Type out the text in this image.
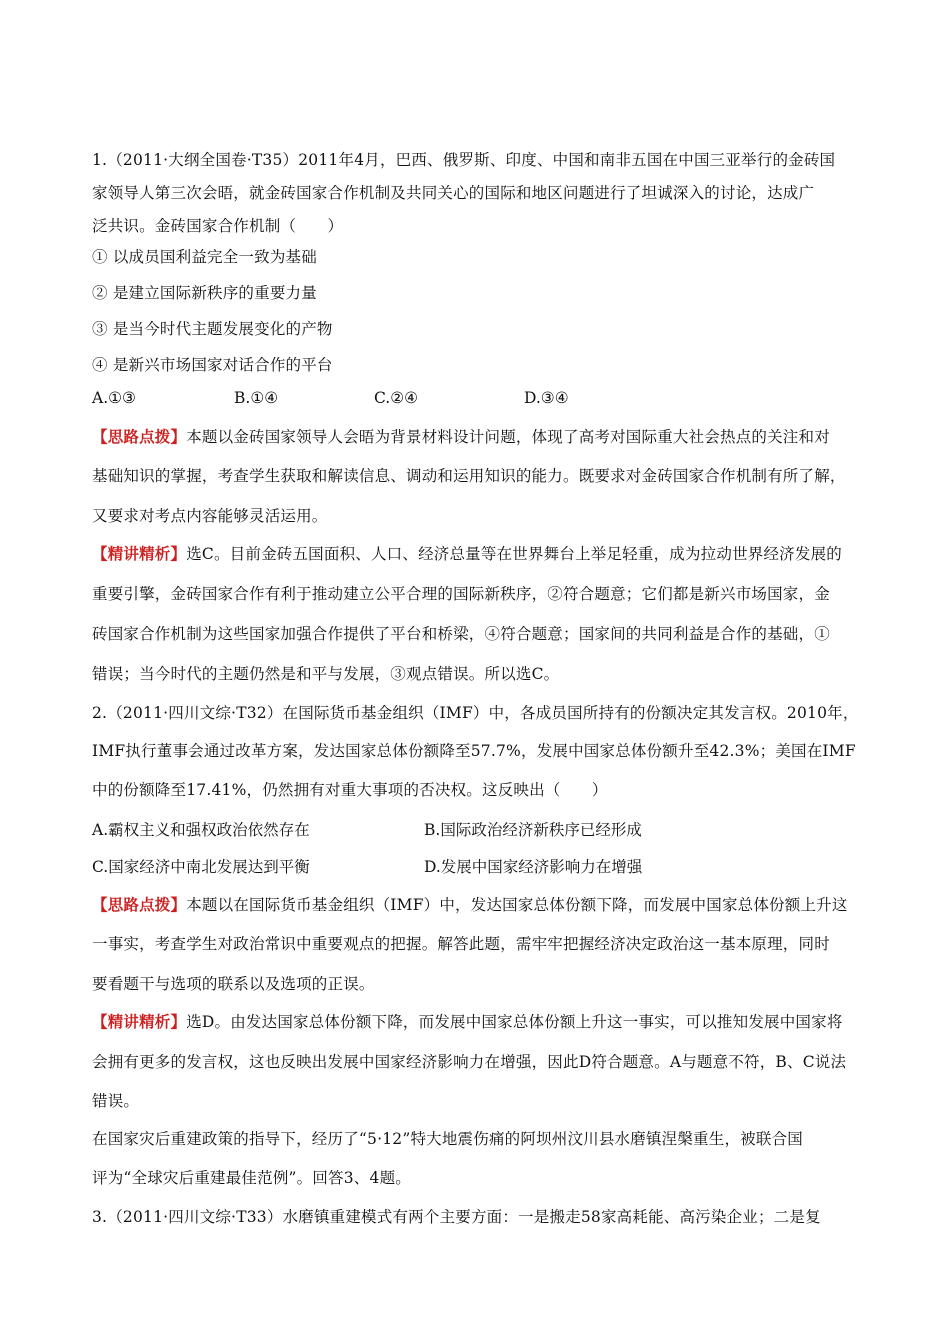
1.（2011·大纲全国卷·T35）2011年4月，巴西、俄罗斯、印度、中国和南非五国在中国三亚举行的金砖国
家领导人第三次会晤，就金砖国家合作机制及共同关心的国际和地区问题进行了坦诚深入的讨论，达成广
泛共识。金砖国家合作机制（　　）
① 以成员国利益完全一致为基础
② 是建立国际新秩序的重要力量
③ 是当今时代主题发展变化的产物
④ 是新兴市场国家对话合作的平台
A.①③	B.①④	C.②④	D.③④
【思路点拨】本题以金砖国家领导人会晤为背景材料设计问题，体现了高考对国际重大社会热点的关注和对
基础知识的掌握，考查学生获取和解读信息、调动和运用知识的能力。既要求对金砖国家合作机制有所了解，
又要求对考点内容能够灵活运用。
【精讲精析】选C。目前金砖五国面积、人口、经济总量等在世界舞台上举足轻重，成为拉动世界经济发展的
重要引擎，金砖国家合作有利于推动建立公平合理的国际新秩序，②符合题意；它们都是新兴市场国家，金
砖国家合作机制为这些国家加强合作提供了平台和桥梁，④符合题意；国家间的共同利益是合作的基础，①
错误；当今时代的主题仍然是和平与发展，③观点错误。所以选C。
2.（2011·四川文综·T32）在国际货币基金组织（IMF）中，各成员国所持有的份额决定其发言权。2010年，
IMF执行董事会通过改革方案，发达国家总体份额降至57.7%，发展中国家总体份额升至42.3%；美国在IMF
中的份额降至17.41%，仍然拥有对重大事项的否决权。这反映出（　　）
A.霸权主义和强权政治依然存在	B.国际政治经济新秩序已经形成
C.国家经济中南北发展达到平衡	D.发展中国家经济影响力在增强
【思路点拨】本题以在国际货币基金组织（IMF）中，发达国家总体份额下降，而发展中国家总体份额上升这
一事实，考查学生对政治常识中重要观点的把握。解答此题，需牢牢把握经济决定政治这一基本原理，同时
要看题干与选项的联系以及选项的正误。
【精讲精析】选D。由发达国家总体份额下降，而发展中国家总体份额上升这一事实，可以推知发展中国家将
会拥有更多的发言权，这也反映出发展中国家经济影响力在增强，因此D符合题意。A与题意不符，B、C说法
错误。
在国家灾后重建政策的指导下，经历了“5·12”特大地震伤痛的阿坝州汶川县水磨镇涅槃重生，被联合国
评为“全球灾后重建最佳范例”。回答3、4题。
3.（2011·四川文综·T33）水磨镇重建模式有两个主要方面：一是搬走58家高耗能、高污染企业；二是复
